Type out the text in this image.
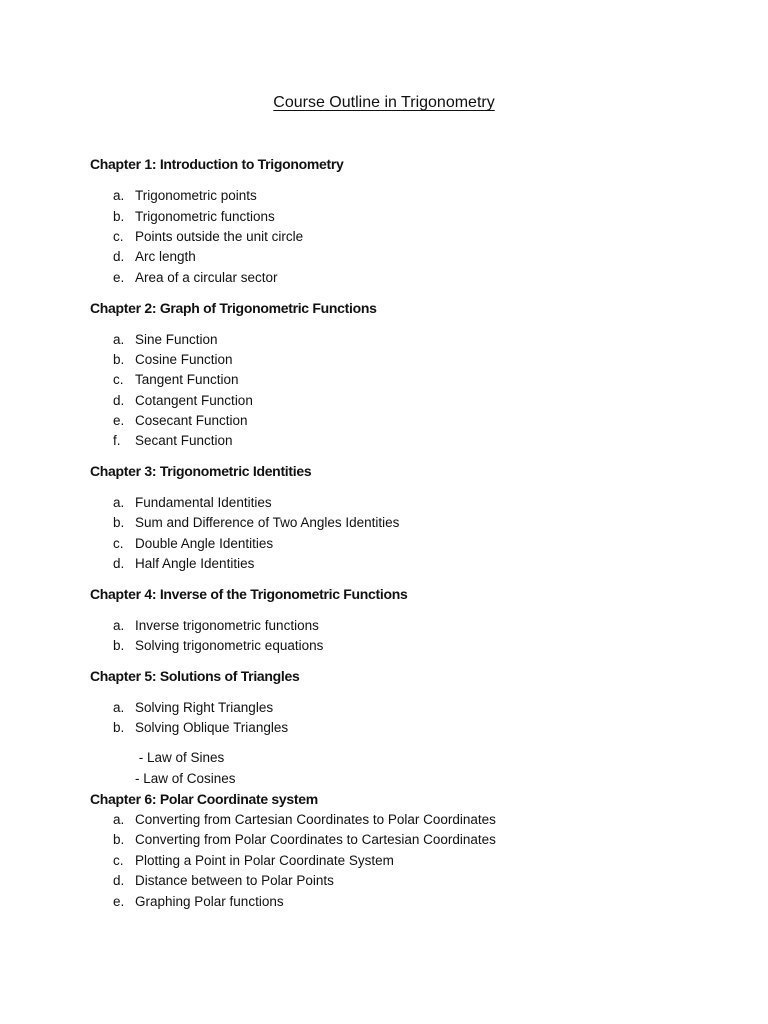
Course Outline in Trigonometry
Chapter 1: Introduction to Trigonometry
a. Trigonometric points
b. Trigonometric functions
c. Points outside the unit circle
d. Arc length
e. Area of a circular sector
Chapter 2: Graph of Trigonometric Functions
a. Sine Function
b. Cosine Function
c. Tangent Function
d. Cotangent Function
e. Cosecant Function
f. Secant Function
Chapter 3: Trigonometric Identities
a. Fundamental Identities
b. Sum and Difference of Two Angles Identities
c. Double Angle Identities
d. Half Angle Identities
Chapter 4: Inverse of the Trigonometric Functions
a. Inverse trigonometric functions
b. Solving trigonometric equations
Chapter 5: Solutions of Triangles
a. Solving Right Triangles
b. Solving Oblique Triangles
- Law of Sines
- Law of Cosines
Chapter 6: Polar Coordinate system
a. Converting from Cartesian Coordinates to Polar Coordinates
b. Converting from Polar Coordinates to Cartesian Coordinates
c. Plotting a Point in Polar Coordinate System
d. Distance between to Polar Points
e. Graphing Polar functions
